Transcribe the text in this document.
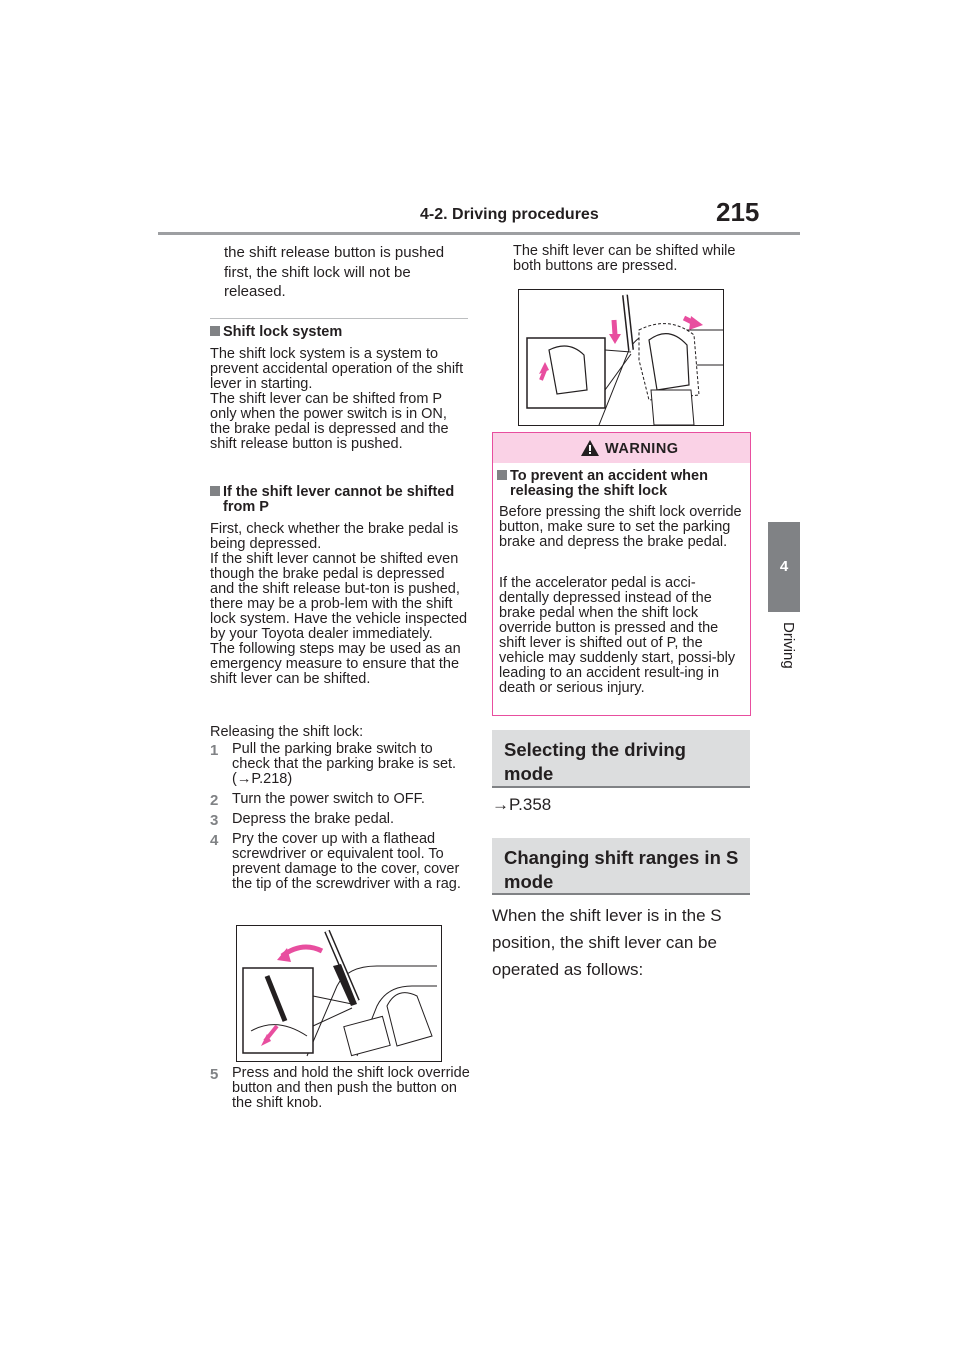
4-2. Driving procedures	215
4
Driving
the shift release button is pushed first, the shift lock will not be released.
Shift lock system
The shift lock system is a system to prevent accidental operation of the shift lever in starting.
The shift lever can be shifted from P only when the power switch is in ON, the brake pedal is depressed and the shift release button is pushed.
If the shift lever cannot be shifted from P
First, check whether the brake pedal is being depressed.
If the shift lever cannot be shifted even though the brake pedal is depressed and the shift release but-ton is pushed, there may be a prob-lem with the shift lock system. Have the vehicle inspected by your Toyota dealer immediately.
The following steps may be used as an emergency measure to ensure that the shift lever can be shifted.
Releasing the shift lock:
1 Pull the parking brake switch to check that the parking brake is set. (→P.218)
2 Turn the power switch to OFF.
3 Depress the brake pedal.
4 Pry the cover up with a flathead screwdriver or equivalent tool. To prevent damage to the cover, cover the tip of the screwdriver with a rag.
5 Press and hold the shift lock override button and then push the button on the shift knob.
The shift lever can be shifted while both buttons are pressed.
WARNING
To prevent an accident when releasing the shift lock
Before pressing the shift lock override button, make sure to set the parking brake and depress the brake pedal.
If the accelerator pedal is acci-dentally depressed instead of the brake pedal when the shift lock override button is pressed and the shift lever is shifted out of P, the vehicle may suddenly start, possi-bly leading to an accident result-ing in death or serious injury.
Selecting the driving mode
→P.358
Changing shift ranges in S mode
When the shift lever is in the S position, the shift lever can be operated as follows:
